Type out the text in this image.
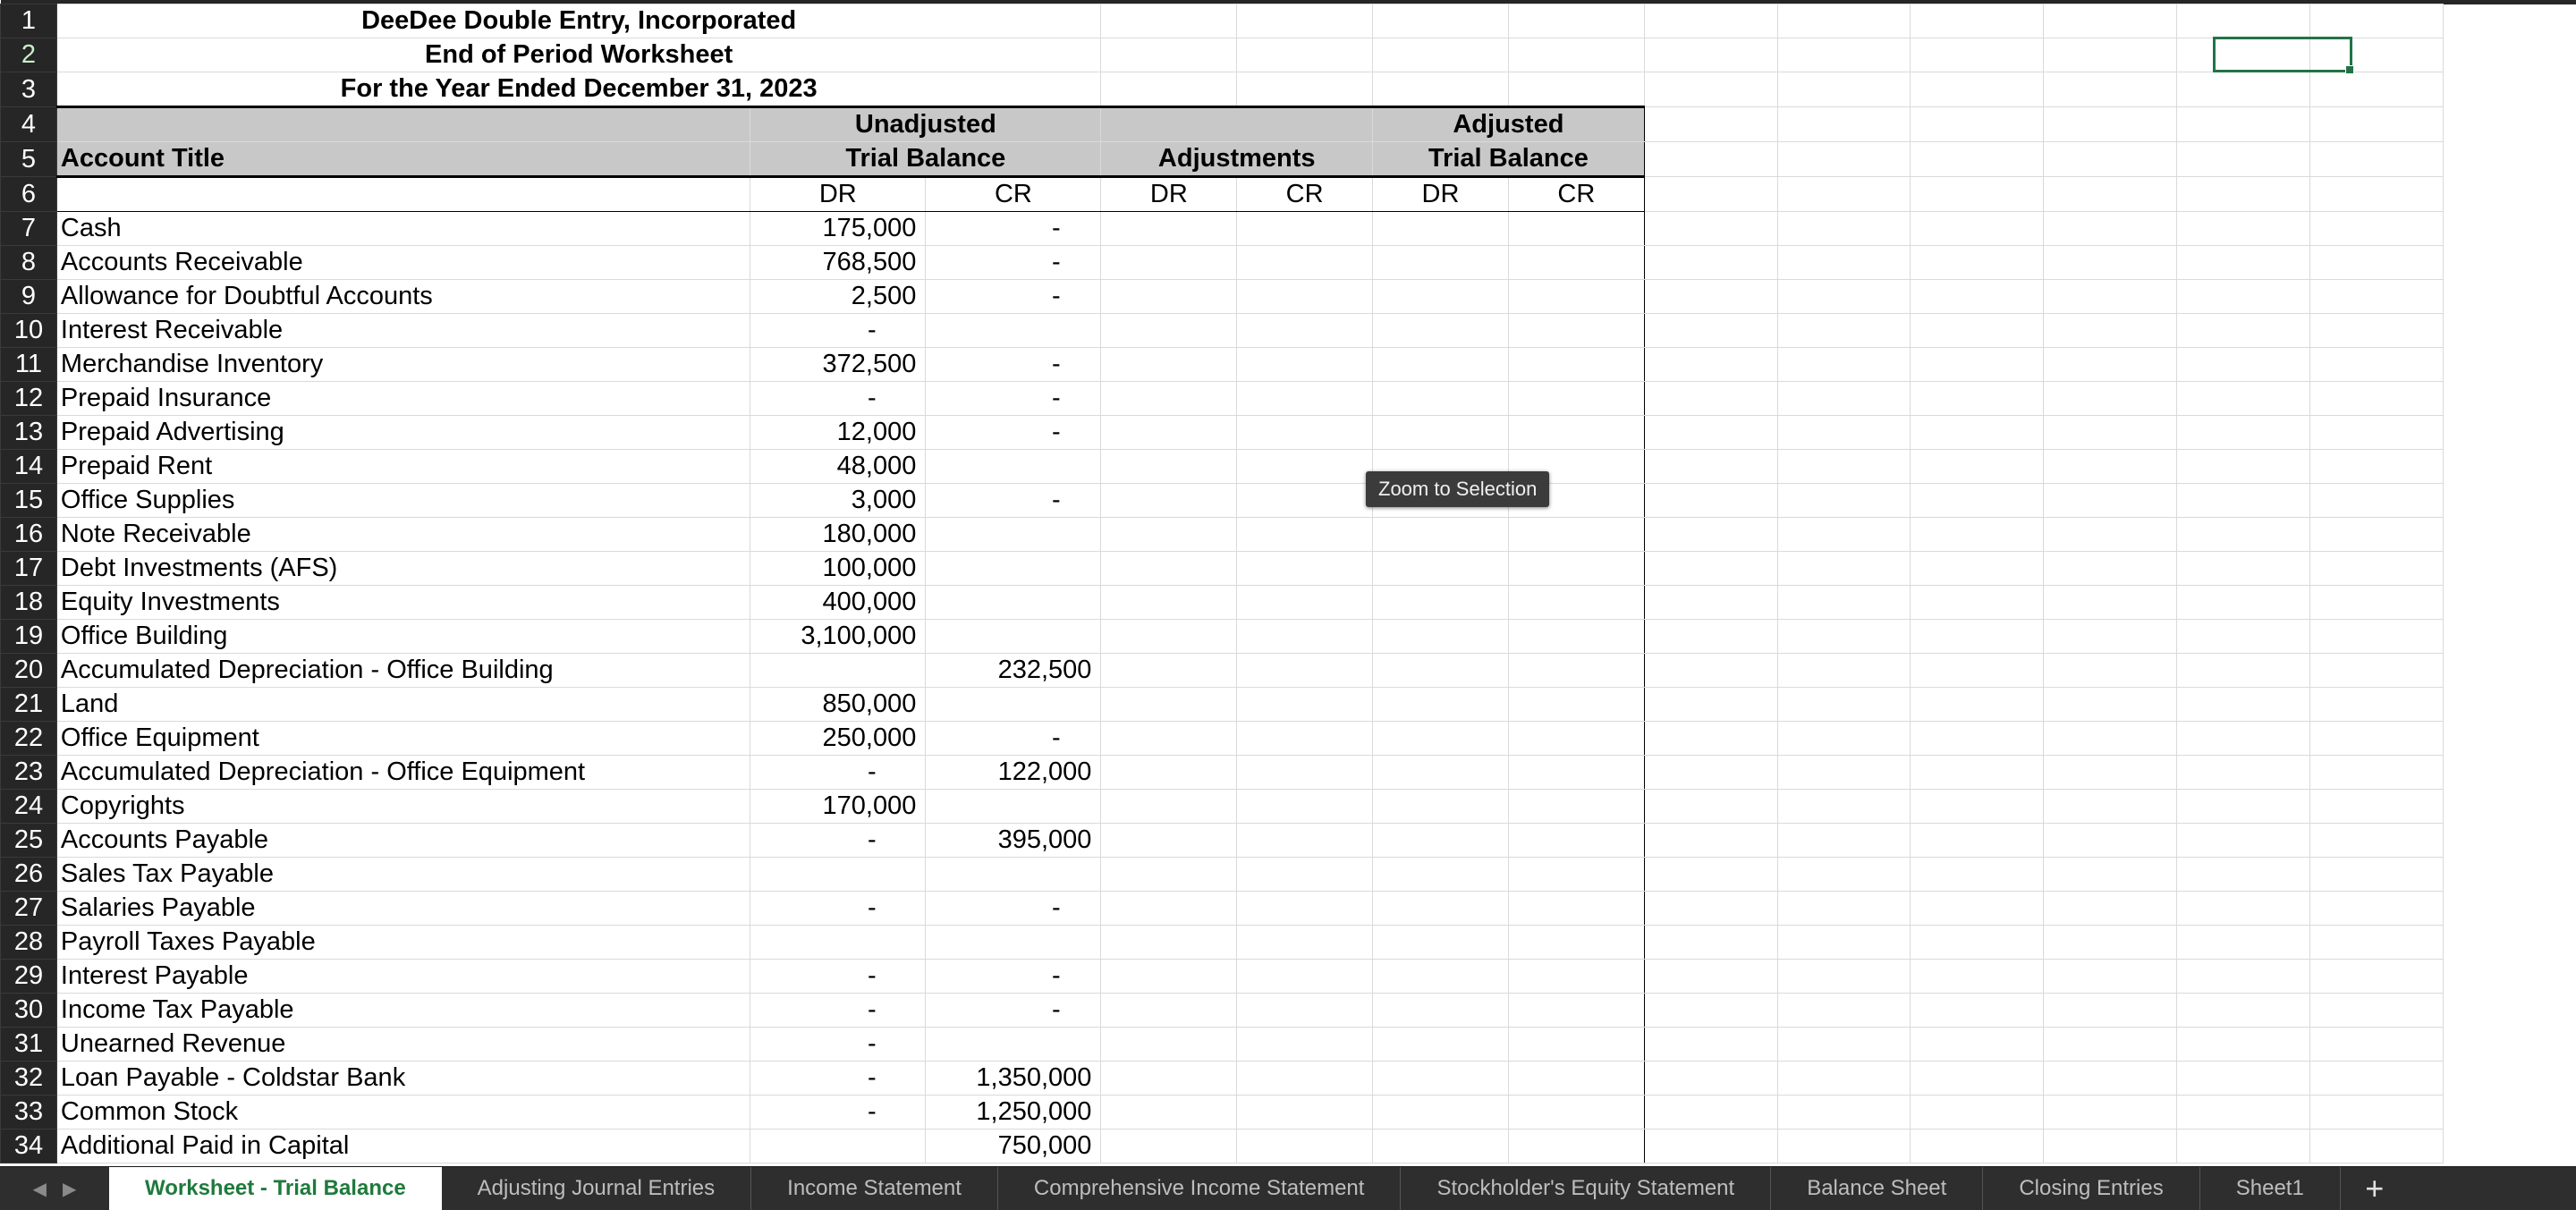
1	DeeDee Double Entry, Incorporated												
2	End of Period Worksheet												
3	For the Year Ended December 31, 2023												
4		Unadjusted				Adjusted							
5	Account Title	Trial Balance		Adjustments		Trial Balance							
6		DR	CR	DR	CR	DR	CR						
7	Cash	175,000	-										
8	Accounts Receivable	768,500	-										
9	Allowance for Doubtful Accounts	2,500	-										
10	Interest Receivable	-											
11	Merchandise Inventory	372,500	-										
12	Prepaid Insurance	-	-										
13	Prepaid Advertising	12,000	-										
14	Prepaid Rent	48,000											
15	Office Supplies	3,000	-										
16	Note Receivable	180,000											
17	Debt Investments (AFS)	100,000											
18	Equity Investments	400,000											
19	Office Building	3,100,000											
20	Accumulated Depreciation - Office Building		232,500										
21	Land	850,000											
22	Office Equipment	250,000	-										
23	Accumulated Depreciation - Office Equipment	-	122,000										
24	Copyrights	170,000											
25	Accounts Payable	-	395,000										
26	Sales Tax Payable												
27	Salaries Payable	-	-										
28	Payroll Taxes Payable												
29	Interest Payable	-	-										
30	Income Tax Payable	-	-										
31	Unearned Revenue	-											
32	Loan Payable - Coldstar Bank	-	1,350,000										
33	Common Stock	-	1,250,000										
34	Additional Paid in Capital		750,000										
Zoom to Selection
◀ ▶	Worksheet - Trial Balance	Adjusting Journal Entries	Income Statement	Comprehensive Income Statement	Stockholder's Equity Statement	Balance Sheet	Closing Entries	Sheet1	+
